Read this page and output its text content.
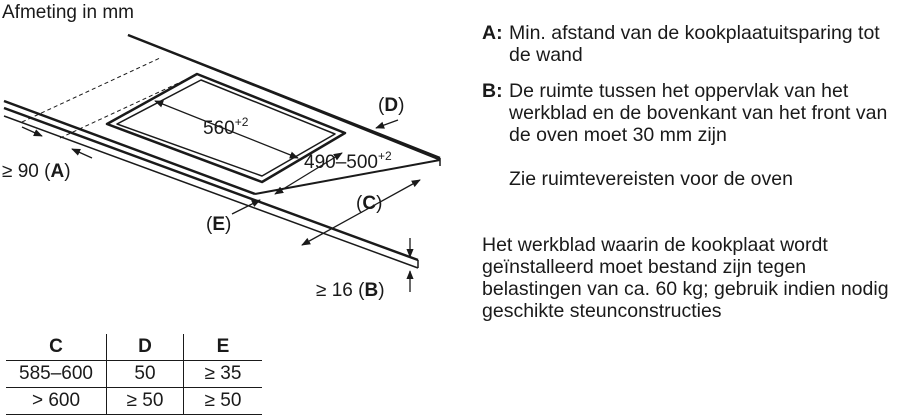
Afmeting in mm
$560^{+2}$
$490-500^{+2}$
≥ 90 (A)
(D)
(C)
(E)
≥ 16 (B)
A: Min. afstand van de kookplaatuitsparing tot de wand
B: De ruimte tussen het oppervlak van het werkblad en de bovenkant van het front van de oven moet 30 mm zijn
Zie ruimtevereisten voor de oven
Het werkblad waarin de kookplaat wordt geïnstalleerd moet bestand zijn tegen belastingen van ca. 60 kg; gebruik indien nodig geschikte steunconstructies
C	D	E
585–600	50	≥ 35
> 600	≥ 50	≥ 50
